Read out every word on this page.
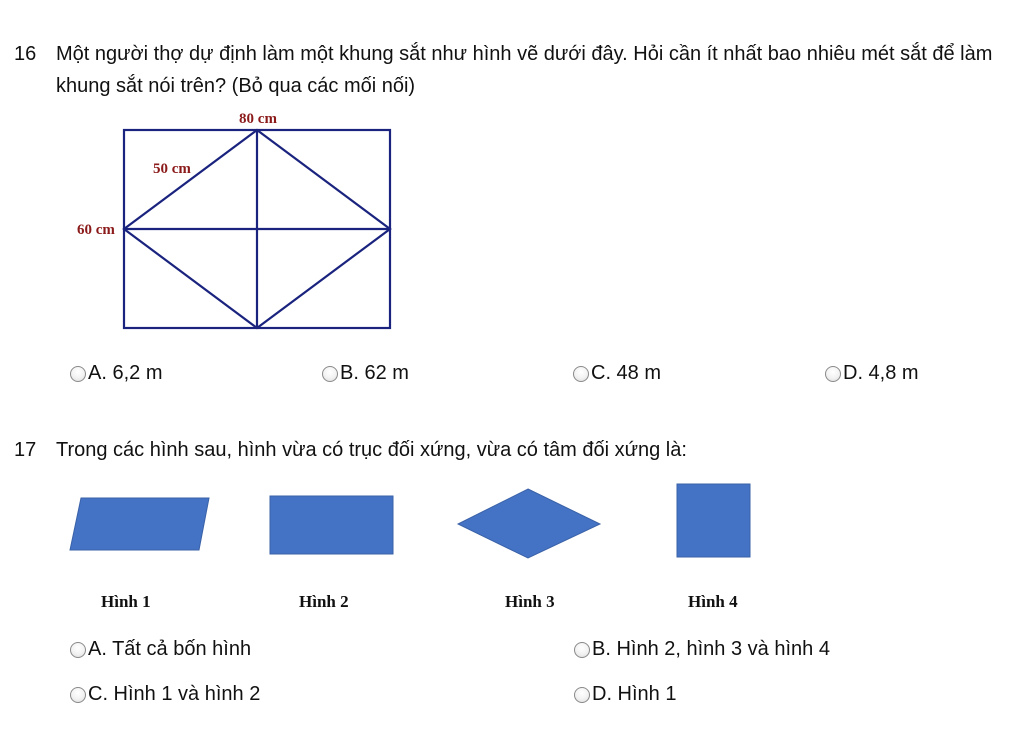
16 Một người thợ dự định làm một khung sắt như hình vẽ dưới đây. Hỏi cần ít nhất bao nhiêu mét sắt để làm
khung sắt nói trên? (Bỏ qua các mối nối)
80 cm
50 cm
60 cm
A. 6,2 m	B. 62 m	C. 48 m	D. 4,8 m
17 Trong các hình sau, hình vừa có trục đối xứng, vừa có tâm đối xứng là:
Hình 1	Hình 2	Hình 3	Hình 4
A. Tất cả bốn hình	B. Hình 2, hình 3 và hình 4
C. Hình 1 và hình 2	D. Hình 1
